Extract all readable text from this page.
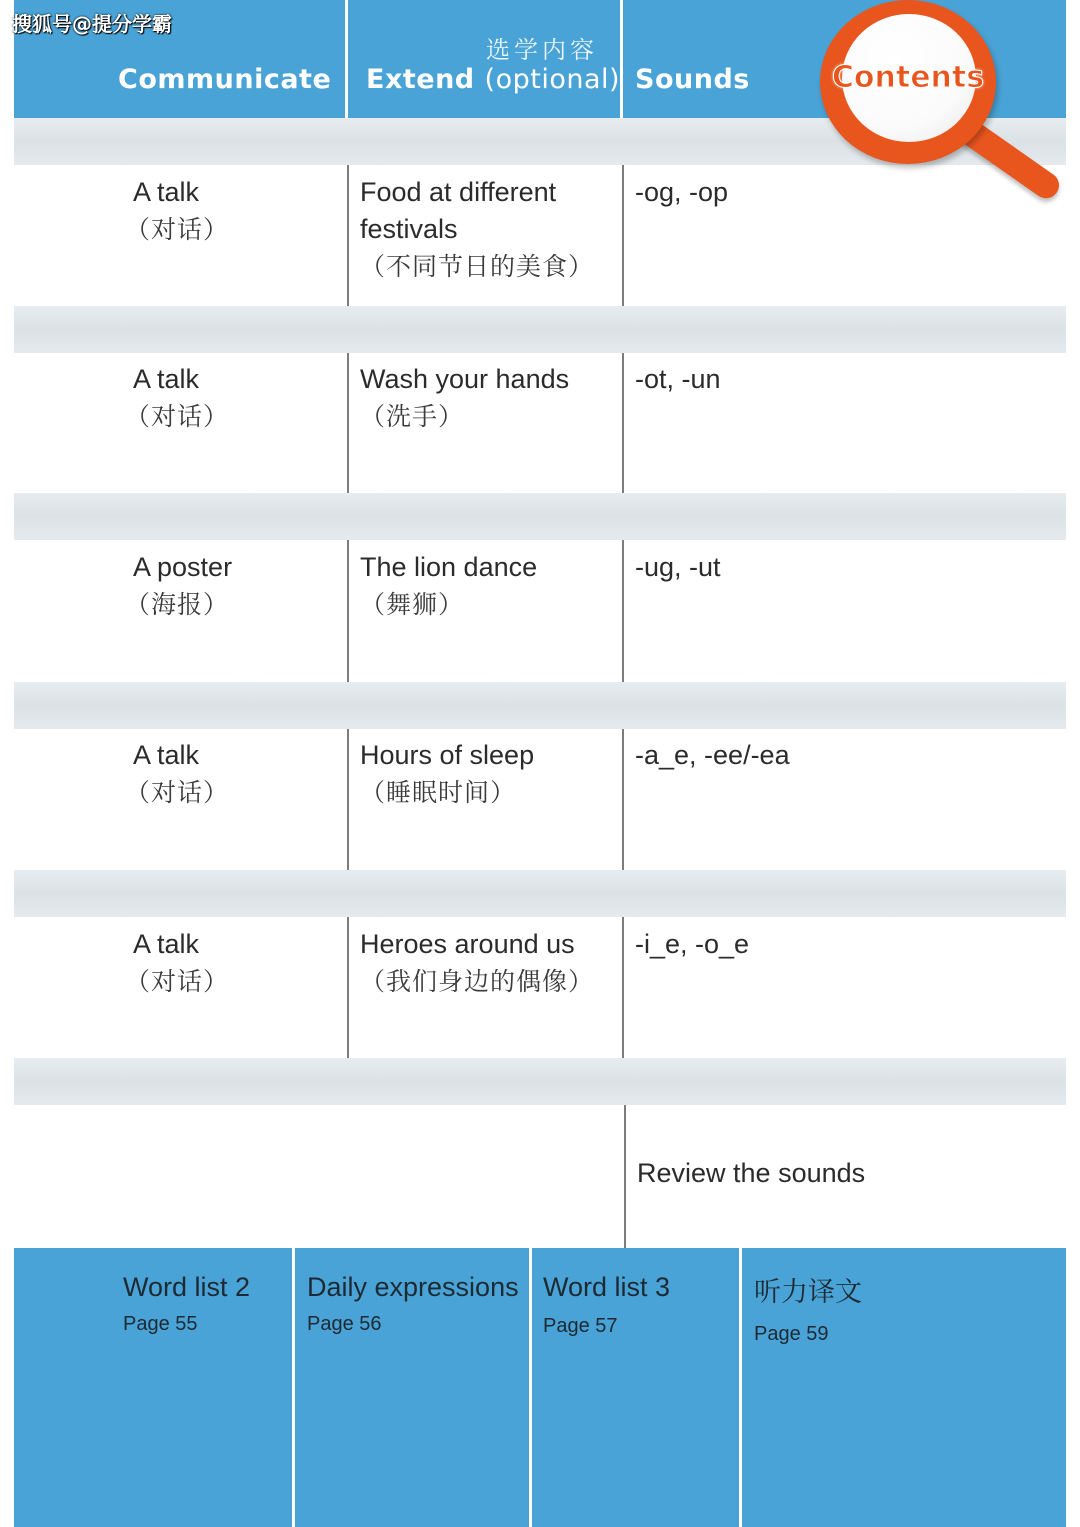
搜狐号@提分学霸
Communicate
选学内容
Extend (optional) Sounds
A talk
（对话）
Food at different
festivals
（不同节日的美食）
-og, -op
A talk
（对话）
Wash your hands
（洗手）
-ot, -un
A poster
（海报）
The lion dance
（舞狮）
-ug, -ut
A talk
（对话）
Hours of sleep
（睡眠时间）
-a_e, -ee/-ea
A talk
（对话）
Heroes around us
（我们身边的偶像）
-i_e, -o_e
Review the sounds
Word list 2
Page 55
Daily expressions
Page 56
Word list 3
Page 57
听力译文
Page 59
Contents
